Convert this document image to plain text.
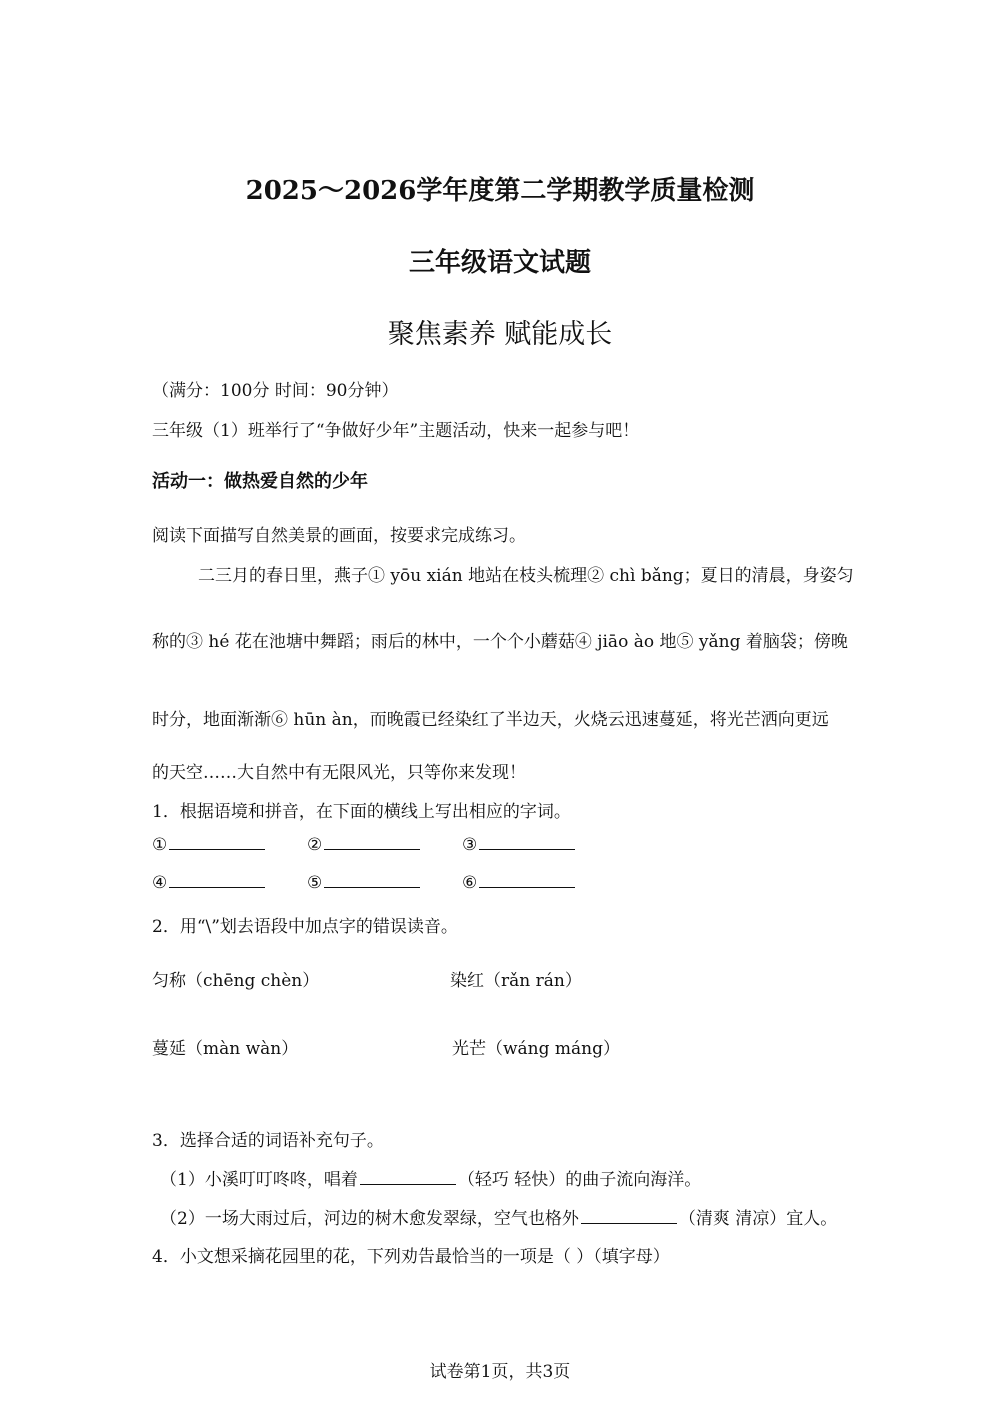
2025～2026学年度第二学期教学质量检测
三年级语文试题
聚焦素养 赋能成长
（满分：100分 时间：90分钟）
三年级（1）班举行了“争做好少年”主题活动，快来一起参与吧！
活动一：做热爱自然的少年
阅读下面描写自然美景的画面，按要求完成练习。
二三月的春日里，燕子① yōu xián 地站在枝头梳理② chì bǎng；夏日的清晨，身姿匀
称的③ hé 花在池塘中舞蹈；雨后的林中，一个个小蘑菇④ jiāo ào 地⑤ yǎng 着脑袋；傍晚
时分，地面渐渐⑥ hūn àn，而晚霞已经染红了半边天，火烧云迅速蔓延，将光芒洒向更远
的天空……大自然中有无限风光，只等你来发现！
1．根据语境和拼音，在下面的横线上写出相应的字词。
①	②	③
④	⑤	⑥
2．用“\”划去语段中加点字的错误读音。
匀称（chēng chèn）	染红（rǎn rán）
蔓延（màn wàn）	光芒（wáng máng）
3．选择合适的词语补充句子。
（1）小溪叮叮咚咚，唱着	（轻巧 轻快）的曲子流向海洋。
（2）一场大雨过后，河边的树木愈发翠绿，空气也格外	（清爽 清凉）宜人。
4．小文想采摘花园里的花，下列劝告最恰当的一项是（ ）（填字母）
试卷第1页，共3页
